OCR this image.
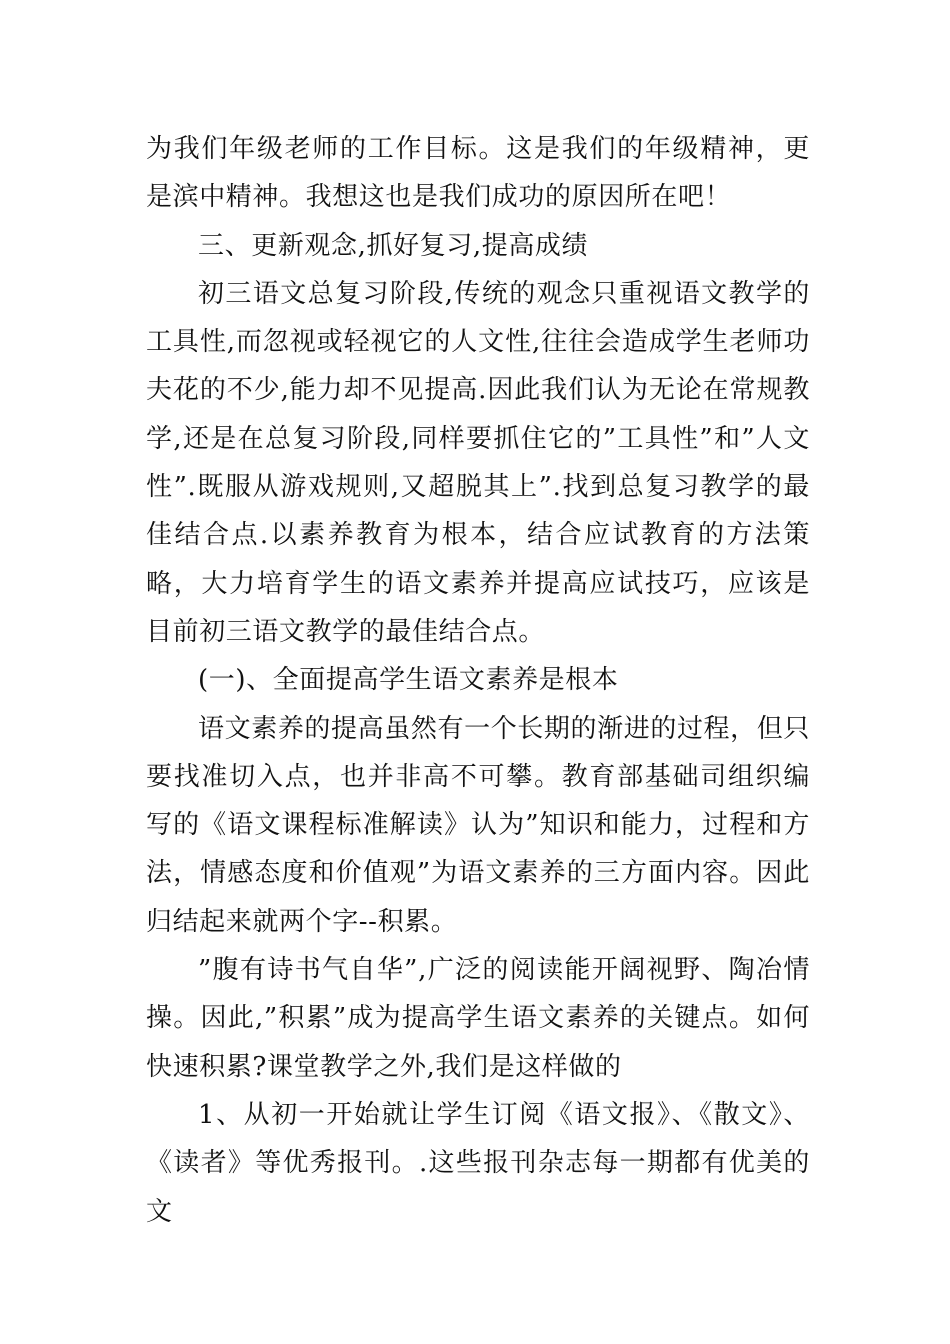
为我们年级老师的工作目标。这是我们的年级精神，更是滨中精神。我想这也是我们成功的原因所在吧！

三、更新观念,抓好复习,提高成绩

初三语文总复习阶段,传统的观念只重视语文教学的工具性,而忽视或轻视它的人文性,往往会造成学生老师功夫花的不少,能力却不见提高.因此我们认为无论在常规教学,还是在总复习阶段,同样要抓住它的”工具性”和”人文性”.既服从游戏规则,又超脱其上”.找到总复习教学的最佳结合点.以素养教育为根本，结合应试教育的方法策略，大力培育学生的语文素养并提高应试技巧，应该是目前初三语文教学的最佳结合点。

(一)、全面提高学生语文素养是根本

语文素养的提高虽然有一个长期的渐进的过程，但只要找准切入点，也并非高不可攀。教育部基础司组织编写的《语文课程标准解读》认为”知识和能力，过程和方法，情感态度和价值观”为语文素养的三方面内容。因此归结起来就两个字--积累。

”腹有诗书气自华”,广泛的阅读能开阔视野、陶冶情操。因此,”积累”成为提高学生语文素养的关键点。如何快速积累?课堂教学之外,我们是这样做的

1、从初一开始就让学生订阅《语文报》、《散文》、《读者》等优秀报刊。.这些报刊杂志每一期都有优美的文
